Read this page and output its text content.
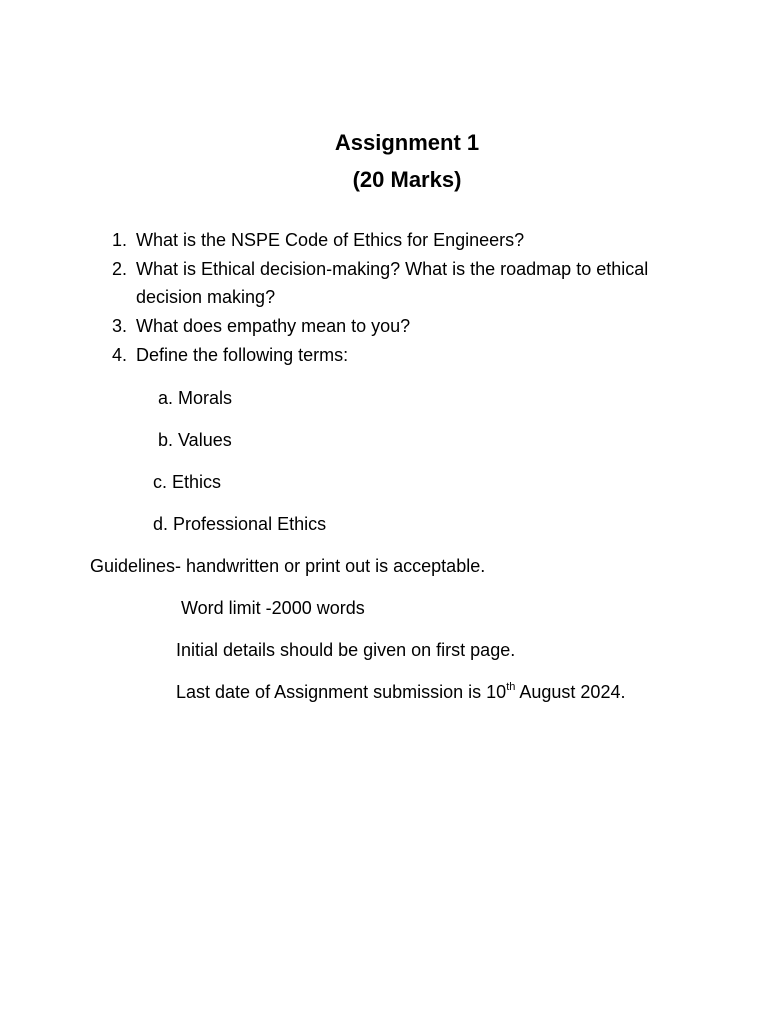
Assignment 1
(20 Marks)
1. What is the NSPE Code of Ethics for Engineers?
2. What is Ethical decision-making? What is the roadmap to ethical
decision making?
3. What does empathy mean to you?
4. Define the following terms:
a. Morals
b. Values
c. Ethics
d. Professional Ethics
Guidelines- handwritten or print out is acceptable.
Word limit -2000 words
Initial details should be given on first page.
Last date of Assignment submission is 10th August 2024.
